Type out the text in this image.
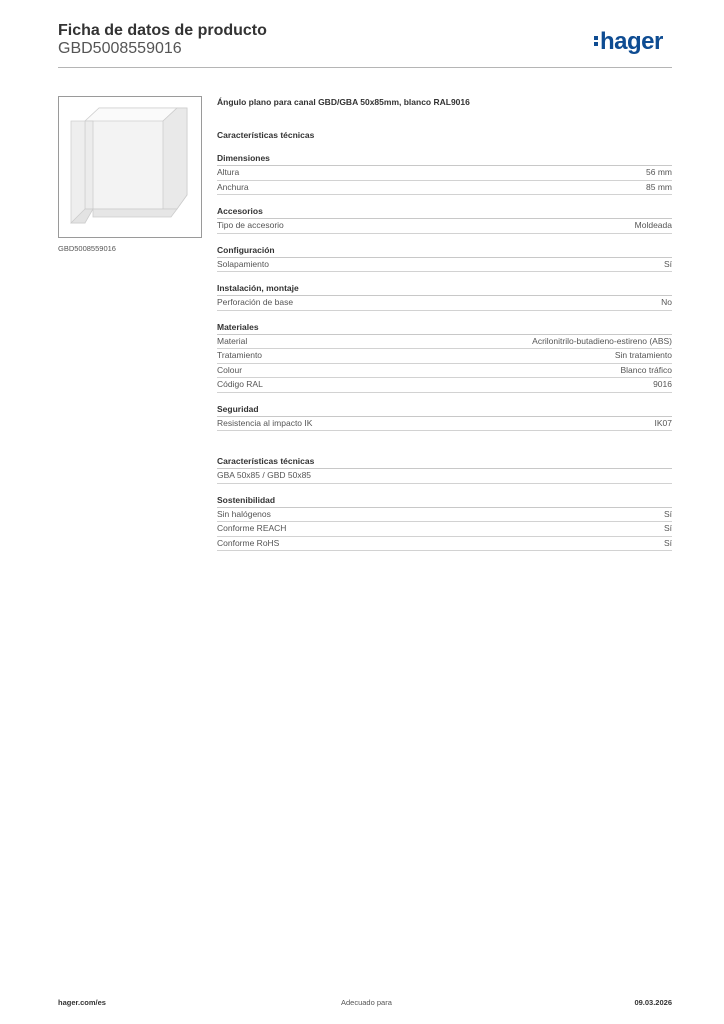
Ficha de datos de producto
GBD5008559016	hager
GBD5008559016
Ángulo plano para canal GBD/GBA 50x85mm, blanco RAL9016
Características técnicas
Dimensiones
Altura	56 mm
Anchura	85 mm
Accesorios
Tipo de accesorio	Moldeada
Configuración
Solapamiento	Sí
Instalación, montaje
Perforación de base	No
Materiales
Material	Acrilonitrilo-butadieno-estireno (ABS)
Tratamiento	Sin tratamiento
Colour	Blanco tráfico
Código RAL	9016
Seguridad
Resistencia al impacto IK	IK07
Características técnicas
GBA 50x85 / GBD 50x85
Sostenibilidad
Sin halógenos	Sí
Conforme REACH	Sí
Conforme RoHS	Sí
hager.com/es	Adecuado para	09.03.2026
